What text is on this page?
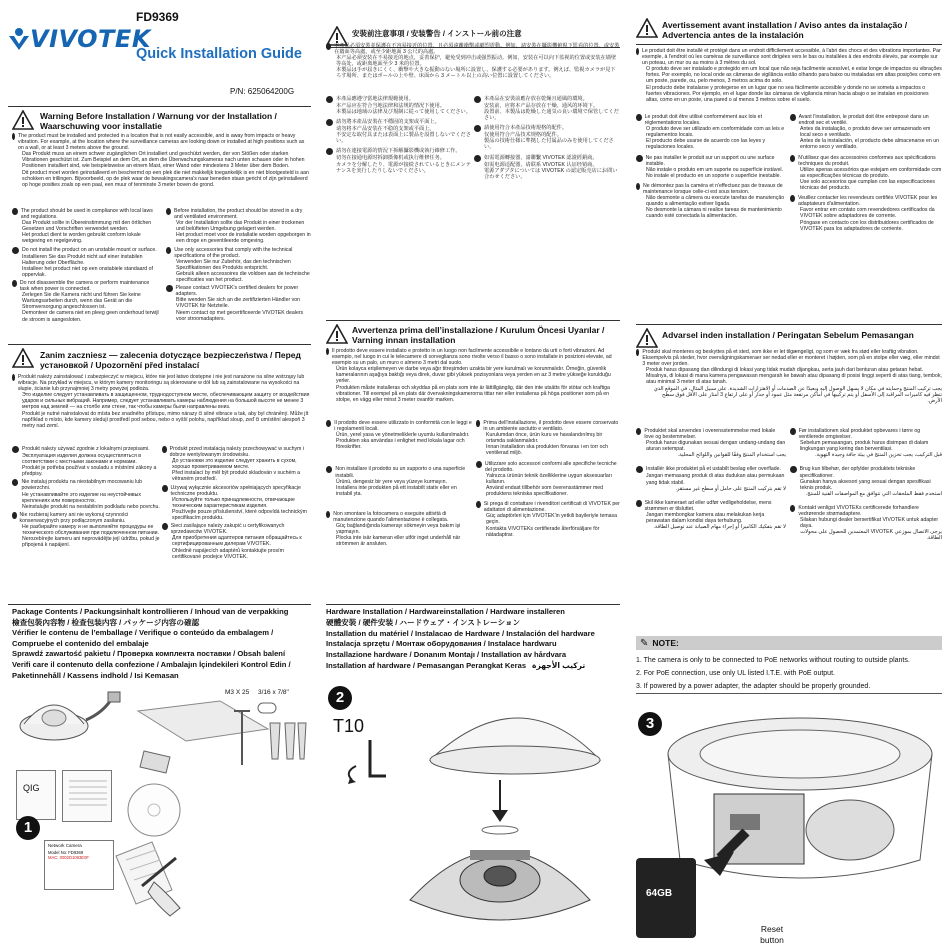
VIVOTEK
FD9369
Quick Installation Guide
P/N: 625064200G
Warning Before Installation / Warnung vor der Installation / Waarschuwing voor installatie
The product must be installed and protected in a location that is not easily accessible, and is away from impacts or heavy vibration. For example, at the location where the surveillance cameras are looking down or installed at high positions such as on a wall, or at least 3 meters above the ground.
Das Produkt muss an einem schwer zugänglichen Ort installiert und geschützt werden, der von Stößen oder starken Vibrationen geschützt ist. Zum Beispiel an dem Ort, an dem die Überwachungskameras nach unten schauen oder in hohen Positionen installiert sind, wie beispielsweise an einem Mast, einer Wand oder mindestens 3 Meter über dem Boden.
Dit product moet worden geïnstalleerd en beschermd op een plek die niet makkelijk toegankelijk is en niet blootgesteld is aan schokken en trillingen. Bijvoorbeeld, op de plek waar de bewakingscamera's naar beneden staan gericht of zijn geïnstalleerd op hoge posities zoals op een paal, een muur of tenminste 3 meter boven de grond.
The product should be used in compliance with local laws and regulations.
Das Produkt sollte in Übereinstimmung mit den örtlichen Gesetzen und Vorschriften verwendet werden.
Het product dient te worden gebruikt conform lokale wetgeving en regelgeving.
Do not install the product on an unstable mount or surface.
Installieren Sie das Produkt nicht auf einer instabilen Halterung oder Oberfläche.
Installeer het product niet op een onstabiele standaard of oppervlak.
Do not disassemble the camera or perform maintenance task when power is connected.
Zerlegen Sie die Kamera nicht und führen Sie keine Wartungsarbeiten durch, wenn das Gerät an die Stromversorgung angeschlossen ist.
Demonteer de camera niet en pleeg geen onderhoud terwijl de stroom is aangesloten.
Before installation, the product should be stored in a dry and ventilated environment.
Vor der Installation sollte das Produkt in einer trockenen und belüfteten Umgebung gelagert werden.
Het product moet voor de installatie worden opgeborgen in een droge en geventileerde omgeving.
Use only accessories that comply with the technical specifications of the product.
Verwenden Sie nur Zubehör, das den technischen Spezifikationen des Produkts entspricht.
Gebruik alleen accessoires die voldoen aan de technische specificaties van het product.
Please contact VIVOTEK's certified dealers for power adapters.
Bitte wenden Sie sich an die zertifizierten Händler von VIVOTEK für Netzteile.
Neem contact op met gecertificeerde VIVOTEK dealers voor stroomadapters.
安裝前注意事項 / 安装警告 / インストール前の注意
本產品必須安裝並保護在不容易接近的位置，且必須遠離衝擊或劇烈震動。例如，請安裝在攝影機俯視下監看的位置，或安裝在牆面等高處，或至少距地面 3 公尺的高處。
本产品必须安装在不易接近的地点，妥善保护，避免受到冲击或强烈振动。例如，安装在可以向下监视的位置或安装在墙壁等高处，或距离地面至少 3 米的位置。
本製品は手が届きにくく、衝撃や大きな振動のない場所に設置し、保護する必要があります。例えば、監視カメラが見下ろす場所、またはポールの上や壁、床面から 3 メートル以上の高い位置に設置してください。
本產品應遵守當地法律規範使用。
本产品应在符合当地法律和法规的情况下使用。
本製品は地域の法律及び規制に従って使用してください。
請勿將本產品安裝在不穩固的支架或平面上。
请勿将本产品安装在不稳的支架或平面上。
不安定な取付具または表面上に製品を設置しないでください。
請勿在連接電源的情況下拆解攝影機或執行維修工作。
切勿在接通电源时拆卸摄像机或执行维修任务。
カメラを分解したり、電源が接続されているときにメンテナンスを実行したりしないでください。
本產品在安裝前應存放在乾燥且通風的環境。
安装前，应将本产品存放在干燥、通风的环境下。
設置前、本製品は乾燥した通気の良い環境で保管してください。
請使用符合本產品技術規格的配件。
仅使用符合产品技术规格的配件。
製品の技術仕様に準拠した付属品のみを使用してください。
如需電源轉接器，請聯繫 VIVOTEK 認證經銷商。
如需电源适配器，请联系 VIVOTEK 认证经销商。
電源アダプタについては VIVOTEK の認定販売店にお問い合わせください。
Avertissement avant installation / Aviso antes da instalação / Advertencia antes de la instalación
Le produit doit être installé et protégé dans un endroit difficilement accessible, à l'abri des chocs et des vibrations importantes. Par exemple, à l'endroit où les caméras de surveillance sont dirigées vers le bas ou installées à des endroits élevés, par exemple sur un poteau, un mur ou au moins à 3 mètres du sol.
O produto deve ser instalado e protegido em um local que não seja facilmente acessível, e estar longe de impactos ou vibrações fortes. Por exemplo, no local onde as câmeras de vigilância estão olhando para baixo ou instaladas em altas posições como em um poste, parede, ou, pelo menos, 3 metros acima do solo.
El producto debe instalarse y protegerse en un lugar que no sea fácilmente accesible y donde no se someta a impactos o fuertes vibraciones. Por ejemplo, en el lugar donde las cámaras de vigilancia miran hacia abajo o se instalan en posiciones altas, como en un poste, una pared o al menos 3 metros sobre el suelo.
Le produit doit être utilisé conformément aux lois et réglementations locales.
O produto deve ser utilizado em conformidade com as leis e regulamentos locais.
El producto debe usarse de acuerdo con las leyes y regulaciones locales.
Ne pas installer le produit sur un support ou une surface instable.
Não instale o produto em um suporte ou superfície instável.
No instale el producto en un soporte o superficie inestable.
Ne démontez pas la caméra et n'effectuez pas de travaux de maintenance lorsque celle-ci est sous tension.
Não desmonte a câmera ou execute tarefas de manutenção quando a alimentação estiver ligada.
No desmonte la cámara ni realice tareas de mantenimiento cuando esté conectada la alimentación.
Avant l'installation, le produit doit être entreposé dans un endroit sec et ventilé.
Antes da instalação, o produto deve ser armazenado em local seco e ventilado.
Antes de la instalación, el producto debe almacenarse en un entorno seco y ventilado.
N'utilisez que des accessoires conformes aux spécifications techniques du produit.
Utilize apenas acessórios que estejam em conformidade com as especificações técnicas do produto.
Use solo accesorios que cumplan con las especificaciones técnicas del producto.
Veuillez contacter les revendeurs certifiés VIVOTEK pour les adaptateurs d'alimentation.
Favor entrar em contato com revendedores certificados da VIVOTEK sobre adaptadores de corrente.
Póngase en contacto con los distribuidores certificados de VIVOTEK para los adaptadores de corriente.
Zanim zaczniesz — zalecenia dotyczące bezpieczeństwa / Перед установкой / Upozornění před instalací
Produkt należy zainstalować i zabezpieczyć w miejscu, które nie jest łatwo dostępne i nie jest narażone na silne wstrząsy lub wibracje. Na przykład w miejscu, w którym kamery monitoringu są skierowane w dół lub są zainstalowane na wysokości na słupie, ścianie lub przynajmniej 3 metry powyżej podłoża.
Это изделие следует устанавливать в защищенном, труднодоступном месте, обеспечивающем защиту от воздействия ударов и сильных вибраций. Например, следует устанавливать камеры наблюдения на большой высоте не менее 3 метров над землей — на столбе или стене, так чтобы камеры были направлены вниз.
Produkt je nutné nainstalovat do místa bez snadného přístupu, mimo nárazy či silné vibrace a tak, aby byl chráněný. Může jít například o místo, kde kamery sledují prostředí pod sebou, nebo o vyšší polohu, například sloup, zeď či umístění alespoň 3 metry nad zemí.
Produkt należy używać zgodnie z lokalnymi przepisami.
Эксплуатация изделия должна осуществляться в соответствии с местными законами и нормами.
Produkt je potřeba používat v souladu s místními zákony a předpisy.
Nie instaluj produktu na niestabilnym mocowaniu lub powierzchni.
Не устанавливайте это изделие на неустойчивых креплениях или поверхностях.
Neinstalujte produkt na nestabilním podkladu nebo povrchu.
Nie rozbieraj kamery ani nie wykonuj czynności konserwacyjnych przy podłączonym zasilaniu.
Не разбирайте камеру и не выполняйте процедуры ее технического обслуживания при подключенном питании.
Nerozebírejte kameru ani neprovádějte její údržbu, pokud je připojená k napájení.
Produkt przed instalacją należy przechowywać w suchym i dobrze wentylowanym środowisku.
До установки это изделие следует хранить в сухом, хорошо проветриваемом месте.
Před instalací by měl být produkt skladován v suchém a větraném prostředí.
Używaj wyłącznie akcesoriów spełniających specyfikacje techniczne produktu.
Используйте только принадлежности, отвечающие техническим характеристикам изделия.
Používejte pouze příslušenství, které odpovídá technickým specifikacím produktu.
Sieci zasilające należy zakupić u certyfikowanych sprzedawców VIVOTEK.
Для приобретения адаптеров питания обращайтесь к сертифицированным дилерам VIVOTEK.
Ohledně napájecích adaptérů kontaktujte prosím certifikované prodejce VIVOTEK.
Avvertenza prima dell’installazione / Kurulum Öncesi Uyarılar / Varning innan installation
Il prodotto deve essere installato e protetto in un luogo non facilmente accessibile e lontano da urti o forti vibrazioni. Ad esempio, nel luogo in cui le telecamere di sorveglianza sono rivolte verso il basso o sono installate in posizioni elevate, ad esempio su un palo, un muro o almeno 3 metri dal suolo.
Ürün kolayca erişilemeyen ve darbe veya ağır titreşimden uzakta bir yere kurulmalı ve korunmalıdır. Örneğin, güvenlik kameralarının aşağıya baktığı veya direk, duvar gibi yüksek pozisyonlara veya yerden en az 3 metre yükseğe kurulduğu yerler.
Produkten måste installeras och skyddas på en plats som inte är lättillgänglig, där den inte utsätts för stötar och kraftiga vibrationer. Till exempel på en plats där övervakningskamerorna tittar ner eller installeras på höga positioner som på en stolpe, en vägg eller minst 3 meter ovanför marken.
Il prodotto deve essere utilizzato in conformità con le leggi e i regolamenti locali.
Ürün, yerel yasa ve yönetmeliklerle uyumlu kullanılmalıdır.
Produkten ska användas i enlighet med lokala lagar och föreskrifter.
Non installare il prodotto su un supporto o una superficie instabili.
Ürünü, dengesiz bir yere veya yüzeye kurmayın.
Installera inte produkten på ett instabilt stativ eller en instabil yta.
Non smontare la fotocamera o eseguire attività di manutenzione quando l'alimentazione è collegata.
Güç bağlandığında kamerayı sökmeyin veya bakım işi yapmayın.
Plocka inte isär kameran eller utför inget underhåll när strömmen är ansluten.
Prima dell'installazione, il prodotto deve essere conservato in un ambiente asciutto e ventilato.
Kurulumdan önce, ürün kuru ve havalandırılmış bir ortamda saklanmalıdır.
Innan installation ska produkten förvaras i en torr och ventilerad miljö.
Utilizzare solo accessori conformi alle specifiche tecniche del prodotto.
Yalnızca ürünün teknik özelliklerine uygun aksesuarları kullanın.
Använd endast tillbehör som överensstämmer med produktens tekniska specifikationer.
Si prega di contattare i rivenditori certificati di VIVOTEK per adattatori di alimentazione.
Güç adaptörleri için VIVOTEK'in yetkili bayileriyle temasa geçin.
Kontakta VIVOTEKs certifierade återförsäljare för nätadaptrar.
Advarsel inden installation / Peringatan Sebelum Pemasangan
Produkt skal monteres og beskyttes på et sted, som ikke er let tilgængeligt, og som er væk fra stød eller kraftig vibration. Eksempelvis på steder, hvor overvågningskameraer ser nedad eller er monteret i højden, som på en stolpe eller væg, eller mindst 3 meter over jorden.
Produk harus dipasang dan dilindungi di lokasi yang tidak mudah dijangkau, serta jauh dari benturan atau getaran hebat. Misalnya, di lokasi di mana kamera pengawasan mengarah ke bawah atau dipasang di posisi tinggi seperti di atas tiang, tembok, atau minimal 3 meter di atas tanah.
يجب تركيب المنتج وحمايته في مكان لا يسهل الوصول إليه وبعيدًا عن الصدمات أو الاهتزازات الشديدة. على سبيل المثال، في الموقع الذي تنظر فيه كاميرات المراقبة إلى الأسفل أو يتم تركيبها في أماكن مرتفعة مثل عمود أو جدار أو على ارتفاع 3 أمتار على الأقل فوق سطح الأرض.
Produktet skal anvendes i overensstemmelse med lokale love og bestemmelser.
Produk harus digunakan sesuai dengan undang-undang dan aturan setempat.
يجب استخدام المنتج وفقًا للقوانين واللوائح المحلية.
Installér ikke produktet på et ustabilt beslag eller overflade.
Jangan memasang produk di atas dudukan atau permukaan yang tidak stabil.
لا تقم بتركيب المنتج على حامل أو سطح غير مستقر.
Skil ikke kameraet ad eller udfør vedligeholdelse, mens strømmen er tilsluttet.
Jangan membongkar kamera atau melakukan kerja perawatan dalam kondisi daya terhubung.
لا تقم بتفكيك الكاميرا أو إجراء مهام الصيانة عند توصيل الطاقة.
Før installationen skal produktet opbevares i tørre og ventilerede omgivelser.
Sebelum pemasangan, produk harus disimpan di dalam lingkungan yang kering dan berventilasi.
قبل التركيب، يجب تخزين المنتج في بيئة جافة وجيدة التهوية.
Brug kun tilbehør, der opfylder produktets tekniske specifikationer.
Gunakan hanya aksesori yang sesuai dengan spesifikasi teknis produk.
استخدم فقط الملحقات التي تتوافق مع المواصفات الفنية للمنتج.
Kontakt venligst VIVOTEKs certificerede forhandlere vedrørende strømadaptere.
Silakan hubungi dealer bersertifikat VIVOTEK untuk adapter daya.
يرجى الاتصال بموزعي VIVOTEK المعتمدين للحصول على محولات الطاقة.
Package Contents / Packungsinhalt kontrollieren / Inhoud van de verpakking
檢查包裝內容物 / 检查包装内容 / パッケージ内容の確認
Vérifier le contenu de l’emballage / Verifique o conteúdo da embalagem / Compruebe el contenido del embalaje
Sprawdź zawartość pakietu / Проверка комплекта поставки / Obsah balení
Verifi care il contenuto della confezione / Ambalajın İçindekileri Kontrol Edin / Paketinnehåll / Kassens indhold / Isi Kemasan
M3 X 25 3/16 x 7/8"
QIG
1
Network Camera
Model No: FD9369
MAC: 0002D1083E0F
Hardware Installation / Hardwareinstallation / Hardware installeren
硬體安裝 / 硬件安装 / ハードウェア・インストレーション
Installation du matériel / Instalacao de Hardware / Instalación del hardware
Instalacja sprzętu / Монтаж оборудования / Instalace hardwaru
Installazione hardware / Donanım Montajı / Installation av hårdvara
Installation af hardware / Pemasangan Perangkat Keras تركيب الأجهزة
2
T10
✎ NOTE:
1. The camera is only to be connected to PoE networks without routing to outside plants.
2. For PoE connection, use only UL listed I.T.E. with PoE output.
3. If powered by a power adapter, the adapter should be properly grounded.
3
64GB
Reset button
